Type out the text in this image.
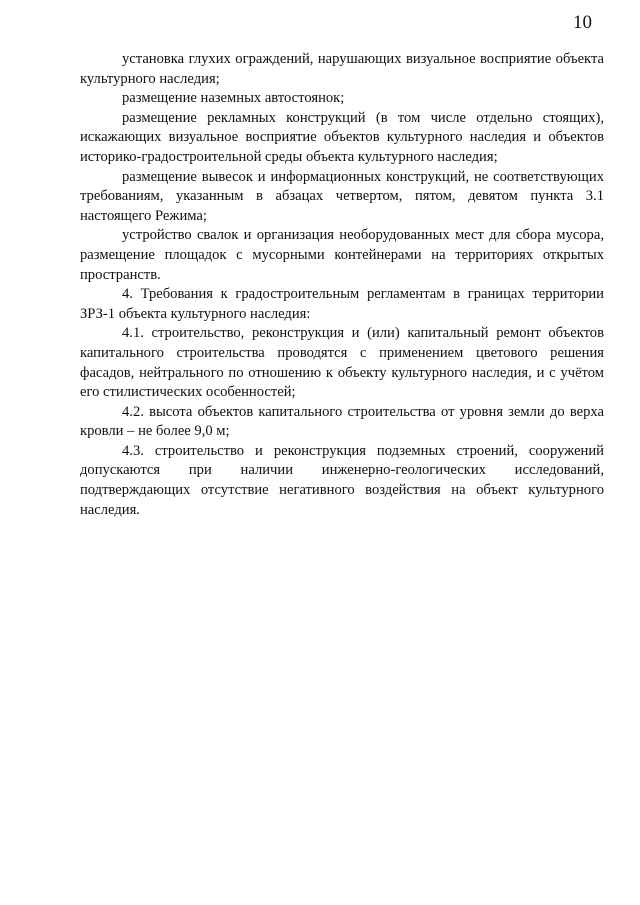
10

установка глухих ограждений, нарушающих визуальное восприятие объекта культурного наследия;

размещение наземных автостоянок;

размещение рекламных конструкций (в том числе отдельно стоящих), искажающих визуальное восприятие объектов культурного наследия и объектов историко-градостроительной среды объекта культурного наследия;

размещение вывесок и информационных конструкций, не соответствующих требованиям, указанным в абзацах четвертом, пятом, девятом пункта 3.1 настоящего Режима;

устройство свалок и организация необорудованных мест для сбора мусора, размещение площадок с мусорными контейнерами на территориях открытых пространств.

4. Требования к градостроительным регламентам в границах территории ЗРЗ-1 объекта культурного наследия:

4.1. строительство, реконструкция и (или) капитальный ремонт объектов капитального строительства проводятся с применением цветового решения фасадов, нейтрального по отношению к объекту культурного наследия, и с учётом его стилистических особенностей;

4.2. высота объектов капитального строительства от уровня земли до верха кровли – не более 9,0 м;

4.3. строительство и реконструкция подземных строений, сооружений допускаются при наличии инженерно-геологических исследований, подтверждающих отсутствие негативного воздействия на объект культурного наследия.
